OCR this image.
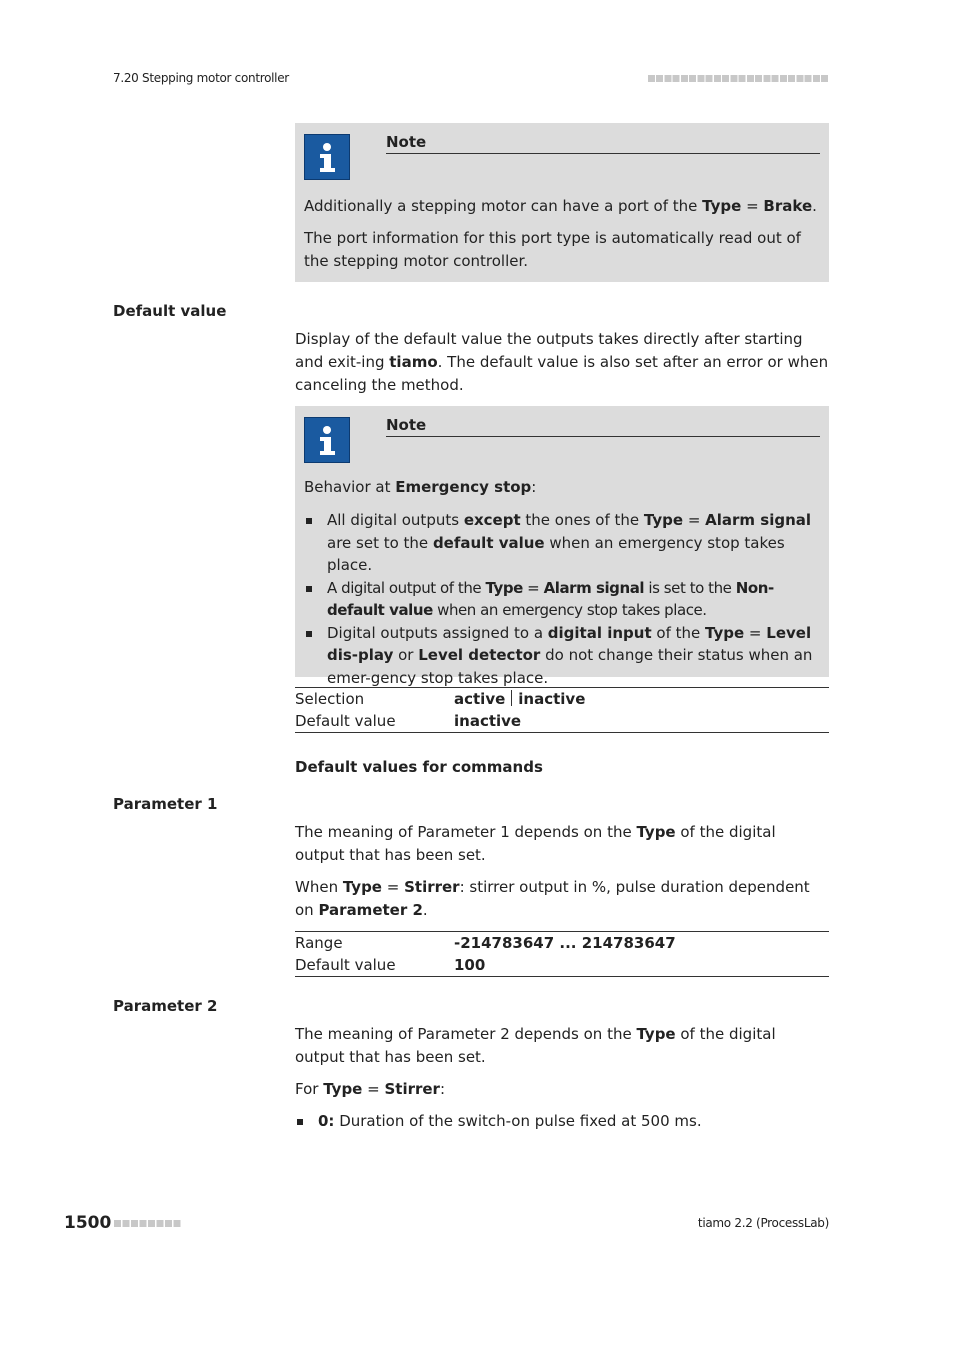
7.20 Stepping motor controller
Note

Additionally a stepping motor can have a port of the Type = Brake.

The port information for this port type is automatically read out of the stepping motor controller.

Default value

Display of the default value the outputs takes directly after starting and exit-ing tiamo. The default value is also set after an error or when canceling the method.

Note

Behavior at Emergency stop:

All digital outputs except the ones of the Type = Alarm signal are set to the default value when an emergency stop takes place.
A digital output of the Type = Alarm signal is set to the Non-default value when an emergency stop takes place.
Digital outputs assigned to a digital input of the Type = Level dis-play or Level detector do not change their status when an emer-gency stop takes place.
Selection	active inactive
Default value	inactive
Default values for commands
Parameter 1

The meaning of Parameter 1 depends on the Type of the digital output that has been set.

When Type = Stirrer: stirrer output in %, pulse duration dependent on Parameter 2.

Range	-214783647 ... 214783647
Default value	100
Parameter 2

The meaning of Parameter 2 depends on the Type of the digital output that has been set.

For Type = Stirrer:

0: Duration of the switch-on pulse fixed at 500 ms.
1500	tiamo 2.2 (ProcessLab)
